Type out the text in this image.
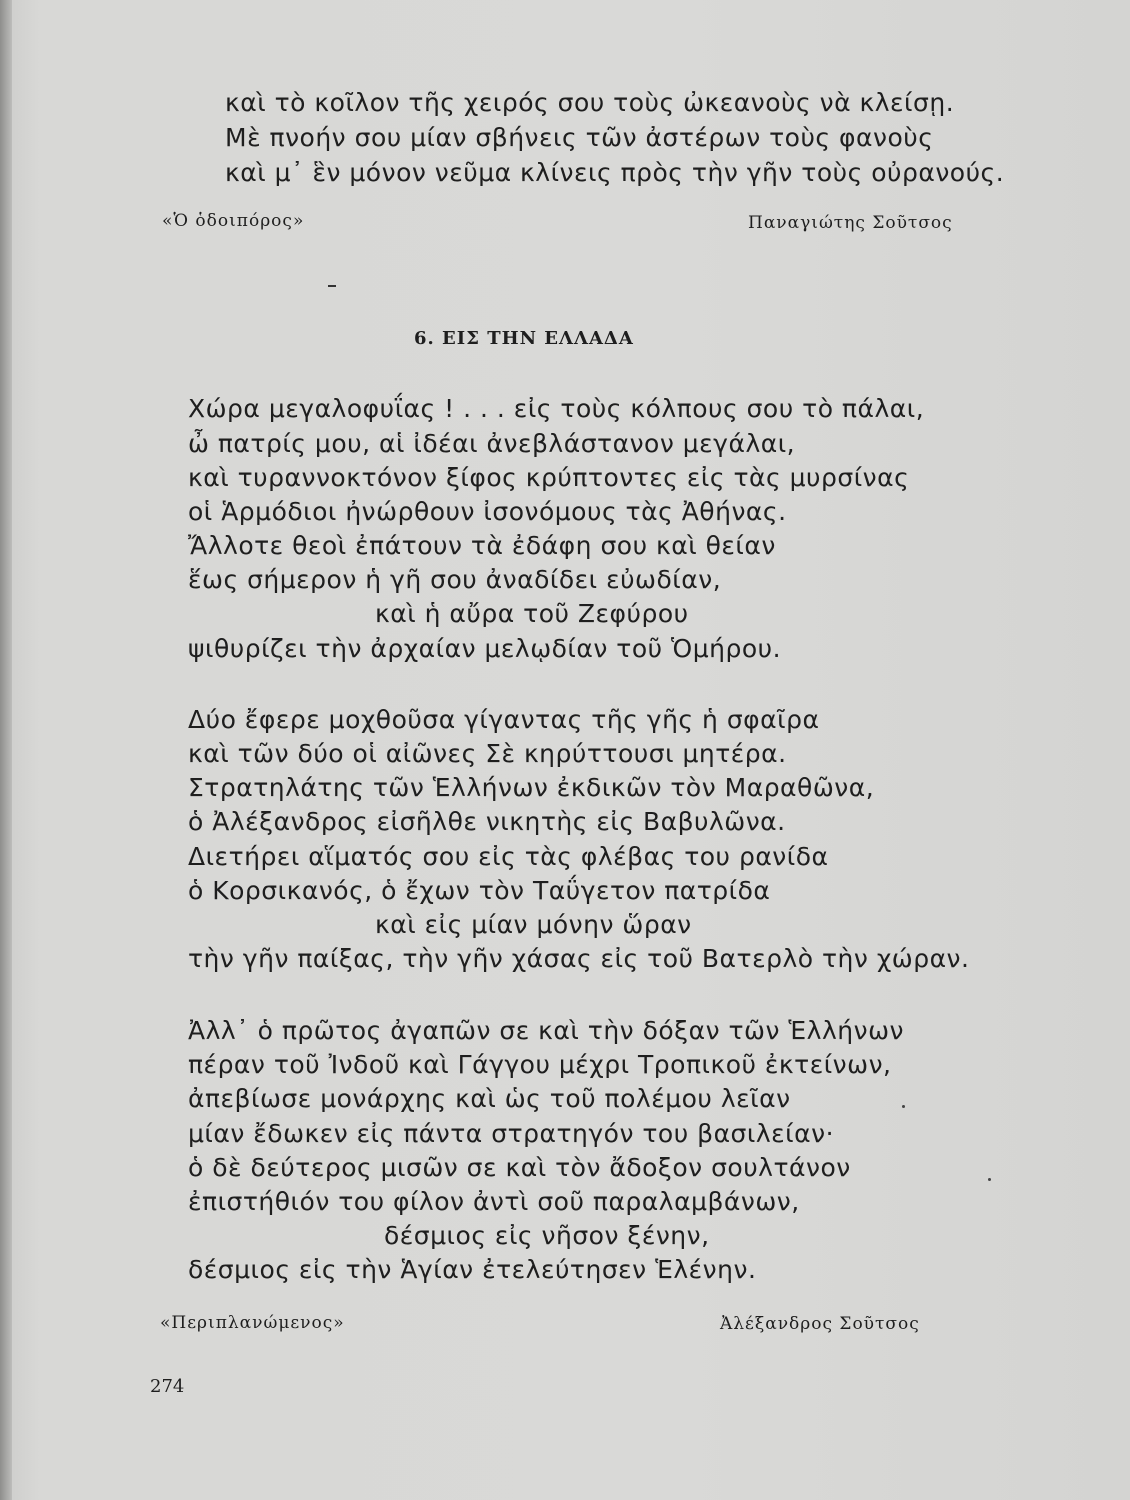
καὶ τὸ κοῖλον τῆς χειρός σου τοὺς ὠκεανοὺς νὰ κλείσῃ.
Μὲ πνοήν σου μίαν σβήνεις τῶν ἀστέρων τοὺς φανοὺς
καὶ μ᾽ ἓν μόνον νεῦμα κλίνεις πρὸς τὴν γῆν τοὺς οὐρανούς.
«Ὁ ὁδοιπόρος»	Παναγιώτης Σοῦτσος
6. ΕΙΣ ΤΗΝ ΕΛΛΑΔΑ
Χώρα μεγαλοφυΐας ! . . . εἰς τοὺς κόλπους σου τὸ πάλαι,
ὦ πατρίς μου, αἱ ἰδέαι ἀνεβλάστανον μεγάλαι,
καὶ τυραννοκτόνον ξίφος κρύπτοντες εἰς τὰς μυρσίνας
οἱ Ἁρμόδιοι ἠνώρθουν ἰσονόμους τὰς Ἀθήνας.
Ἄλλοτε θεοὶ ἐπάτουν τὰ ἐδάφη σου καὶ θείαν
ἕως σήμερον ἡ γῆ σου ἀναδίδει εὐωδίαν,
καὶ ἡ αὔρα τοῦ Ζεφύρου
ψιθυρίζει τὴν ἀρχαίαν μελῳδίαν τοῦ Ὁμήρου.
Δύο ἔφερε μοχθοῦσα γίγαντας τῆς γῆς ἡ σφαῖρα
καὶ τῶν δύο οἱ αἰῶνες Σὲ κηρύττουσι μητέρα.
Στρατηλάτης τῶν Ἑλλήνων ἐκδικῶν τὸν Μαραθῶνα,
ὁ Ἀλέξανδρος εἰσῆλθε νικητὴς εἰς Βαβυλῶνα.
Διετήρει αἵματός σου εἰς τὰς φλέβας του ρανίδα
ὁ Κορσικανός, ὁ ἔχων τὸν Ταΰγετον πατρίδα
καὶ εἰς μίαν μόνην ὥραν
τὴν γῆν παίξας, τὴν γῆν χάσας εἰς τοῦ Βατερλὸ τὴν χώραν.
Ἀλλ᾽ ὁ πρῶτος ἀγαπῶν σε καὶ τὴν δόξαν τῶν Ἑλλήνων
πέραν τοῦ Ἰνδοῦ καὶ Γάγγου μέχρι Τροπικοῦ ἐκτείνων,
ἀπεβίωσε μονάρχης καὶ ὡς τοῦ πολέμου λεῖαν
μίαν ἔδωκεν εἰς πάντα στρατηγόν του βασιλείαν·
ὁ δὲ δεύτερος μισῶν σε καὶ τὸν ἄδοξον σουλτάνον
ἐπιστήθιόν του φίλον ἀντὶ σοῦ παραλαμβάνων,
δέσμιος εἰς νῆσον ξένην,
δέσμιος εἰς τὴν Ἁγίαν ἐτελεύτησεν Ἑλένην.
«Περιπλανώμενος»	Ἀλέξανδρος Σοῦτσος
274
